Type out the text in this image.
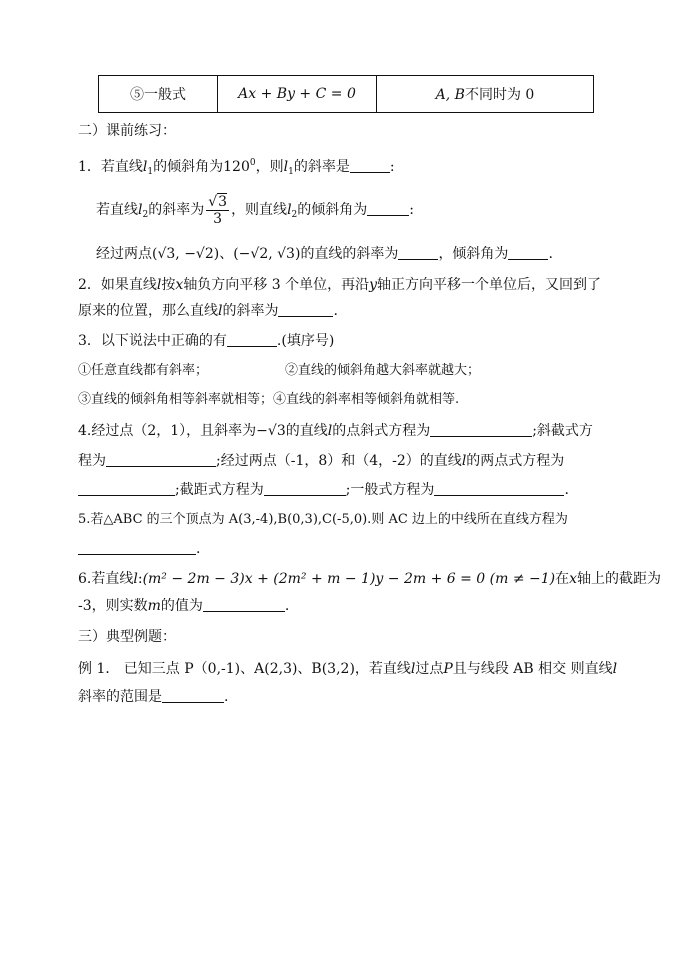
⑤一般式	Ax + By + C = 0	A, B不同时为 0
二）课前练习：
1．若直线$l_1$的倾斜角为$120^0$，则$l_1$的斜率是	:
若直线$l_2$的斜率为 $\frac{√3}{3}$ ，则直线$l_2$的倾斜角为	:
经过两点(√3, −√2)、(−√2, √3)的直线的斜率为	，倾斜角为	.
2．如果直线l按x轴负方向平移 3 个单位，再沿y轴正方向平移一个单位后，又回到了
原来的位置，那么直线l的斜率为	.
3．以下说法中正确的有	.(填序号)
①任意直线都有斜率；	②直线的倾斜角越大斜率就越大；
③直线的倾斜角相等斜率就相等；④直线的斜率相等倾斜角就相等.
4.经过点（2，1），且斜率为−√3的直线l的点斜式方程为	;斜截式方
程为	;经过两点（-1，8）和（4，-2）的直线l的两点式方程为
;截距式方程为	;一般式方程为	.
5.若△ABC 的三个顶点为 A(3,-4),B(0,3),C(-5,0).则 AC 边上的中线所在直线方程为
.
6.若直线l:(m² − 2m − 3)x + (2m² + m − 1)y − 2m + 6 = 0 (m ≠ −1)在x轴上的截距为
-3，则实数m的值为	.
三）典型例题：
例 1． 已知三点 P（0,-1)、A(2,3)、B(3,2)，若直线l过点P且与线段 AB 相交 则直线l
斜率的范围是	.
